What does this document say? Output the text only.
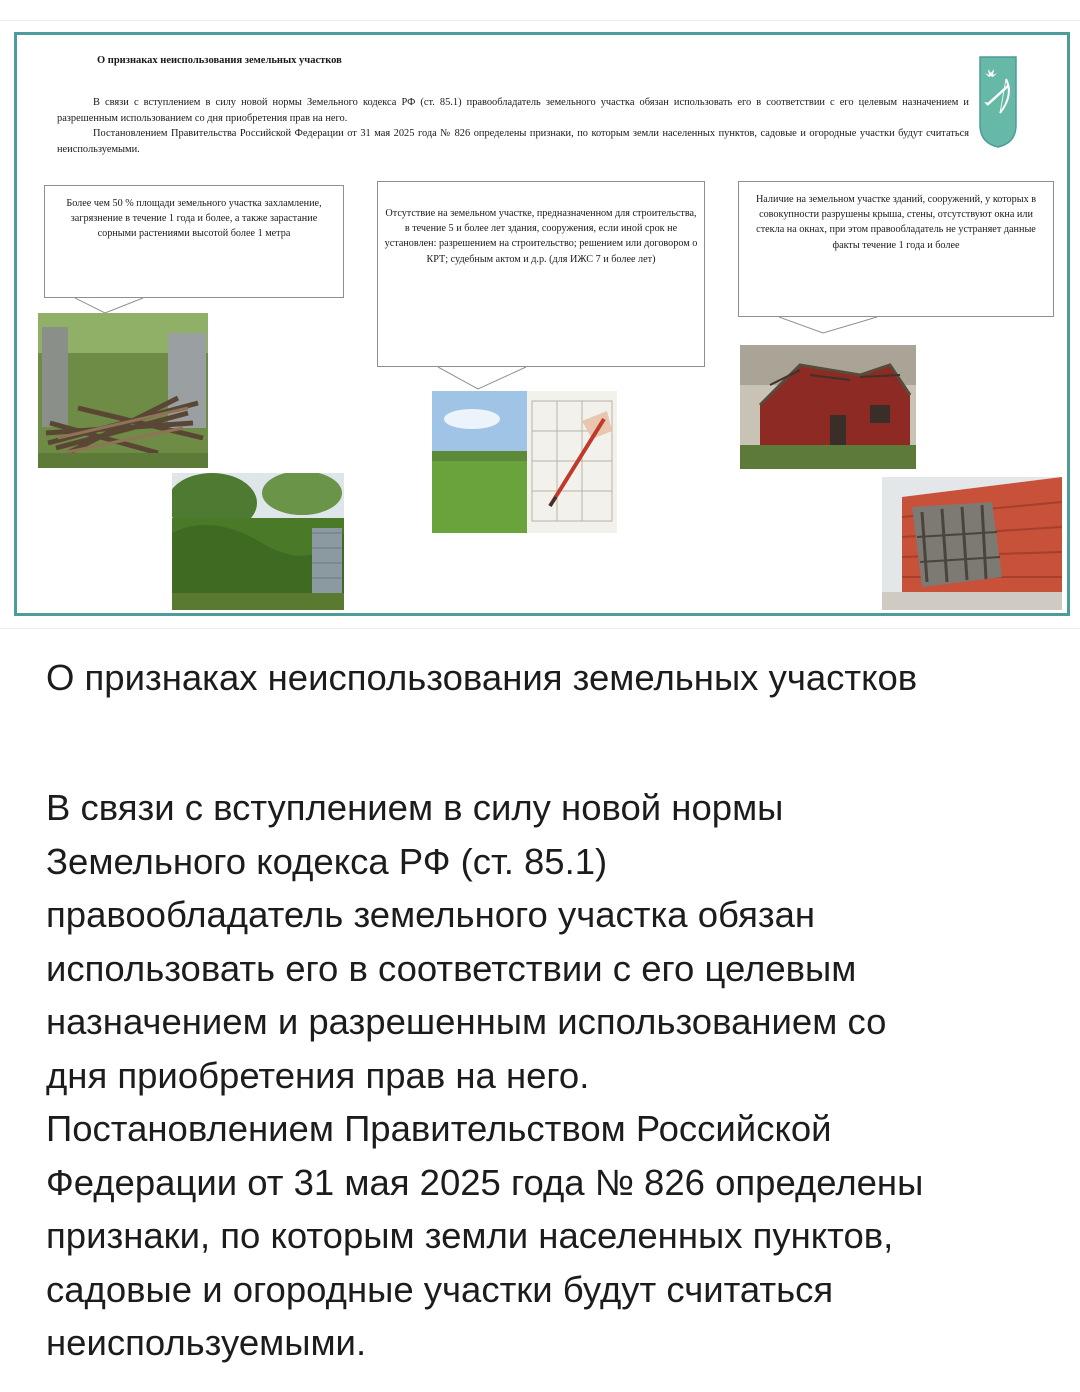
О признаках неиспользования земельных участков

В связи с вступлением в силу новой нормы Земельного кодекса РФ (ст. 85.1) правообладатель земельного участка обязан использовать его в соответствии с его целевым назначением и разрешенным использованием со дня приобретения прав на него.

Постановлением Правительства Российской Федерации от 31 мая 2025 года № 826 определены признаки, по которым земли населенных пунктов, садовые и огородные участки будут считаться неиспользуемыми.

Более чем 50 % площади земельного участка захламление, загрязнение в течение 1 года и более, а также зарастание сорными растениями высотой более 1 метра
Отсутствие на земельном участке, предназначенном для строительства, в течение 5 и более лет здания, сооружения, если иной срок не установлен: разрешением на строительство; решением или договором о КРТ; судебным актом и д.р. (для ИЖС 7 и более лет)
Наличие на земельном участке зданий, сооружений, у которых в совокупности разрушены крыша, стены, отсутствуют окна или стекла на окнах, при этом правообладатель не устраняет данные факты течение 1 года и более
О признаках неиспользования земельных участков
В связи с вступлением в силу новой нормы
Земельного кодекса РФ (ст. 85.1)
правообладатель земельного участка обязан
использовать его в соответствии с его целевым
назначением и разрешенным использованием со
дня приобретения прав на него.
Постановлением Правительством Российской
Федерации от 31 мая 2025 года № 826 определены
признаки, по которым земли населенных пунктов,
садовые и огородные участки будут считаться
неиспользуемыми.
